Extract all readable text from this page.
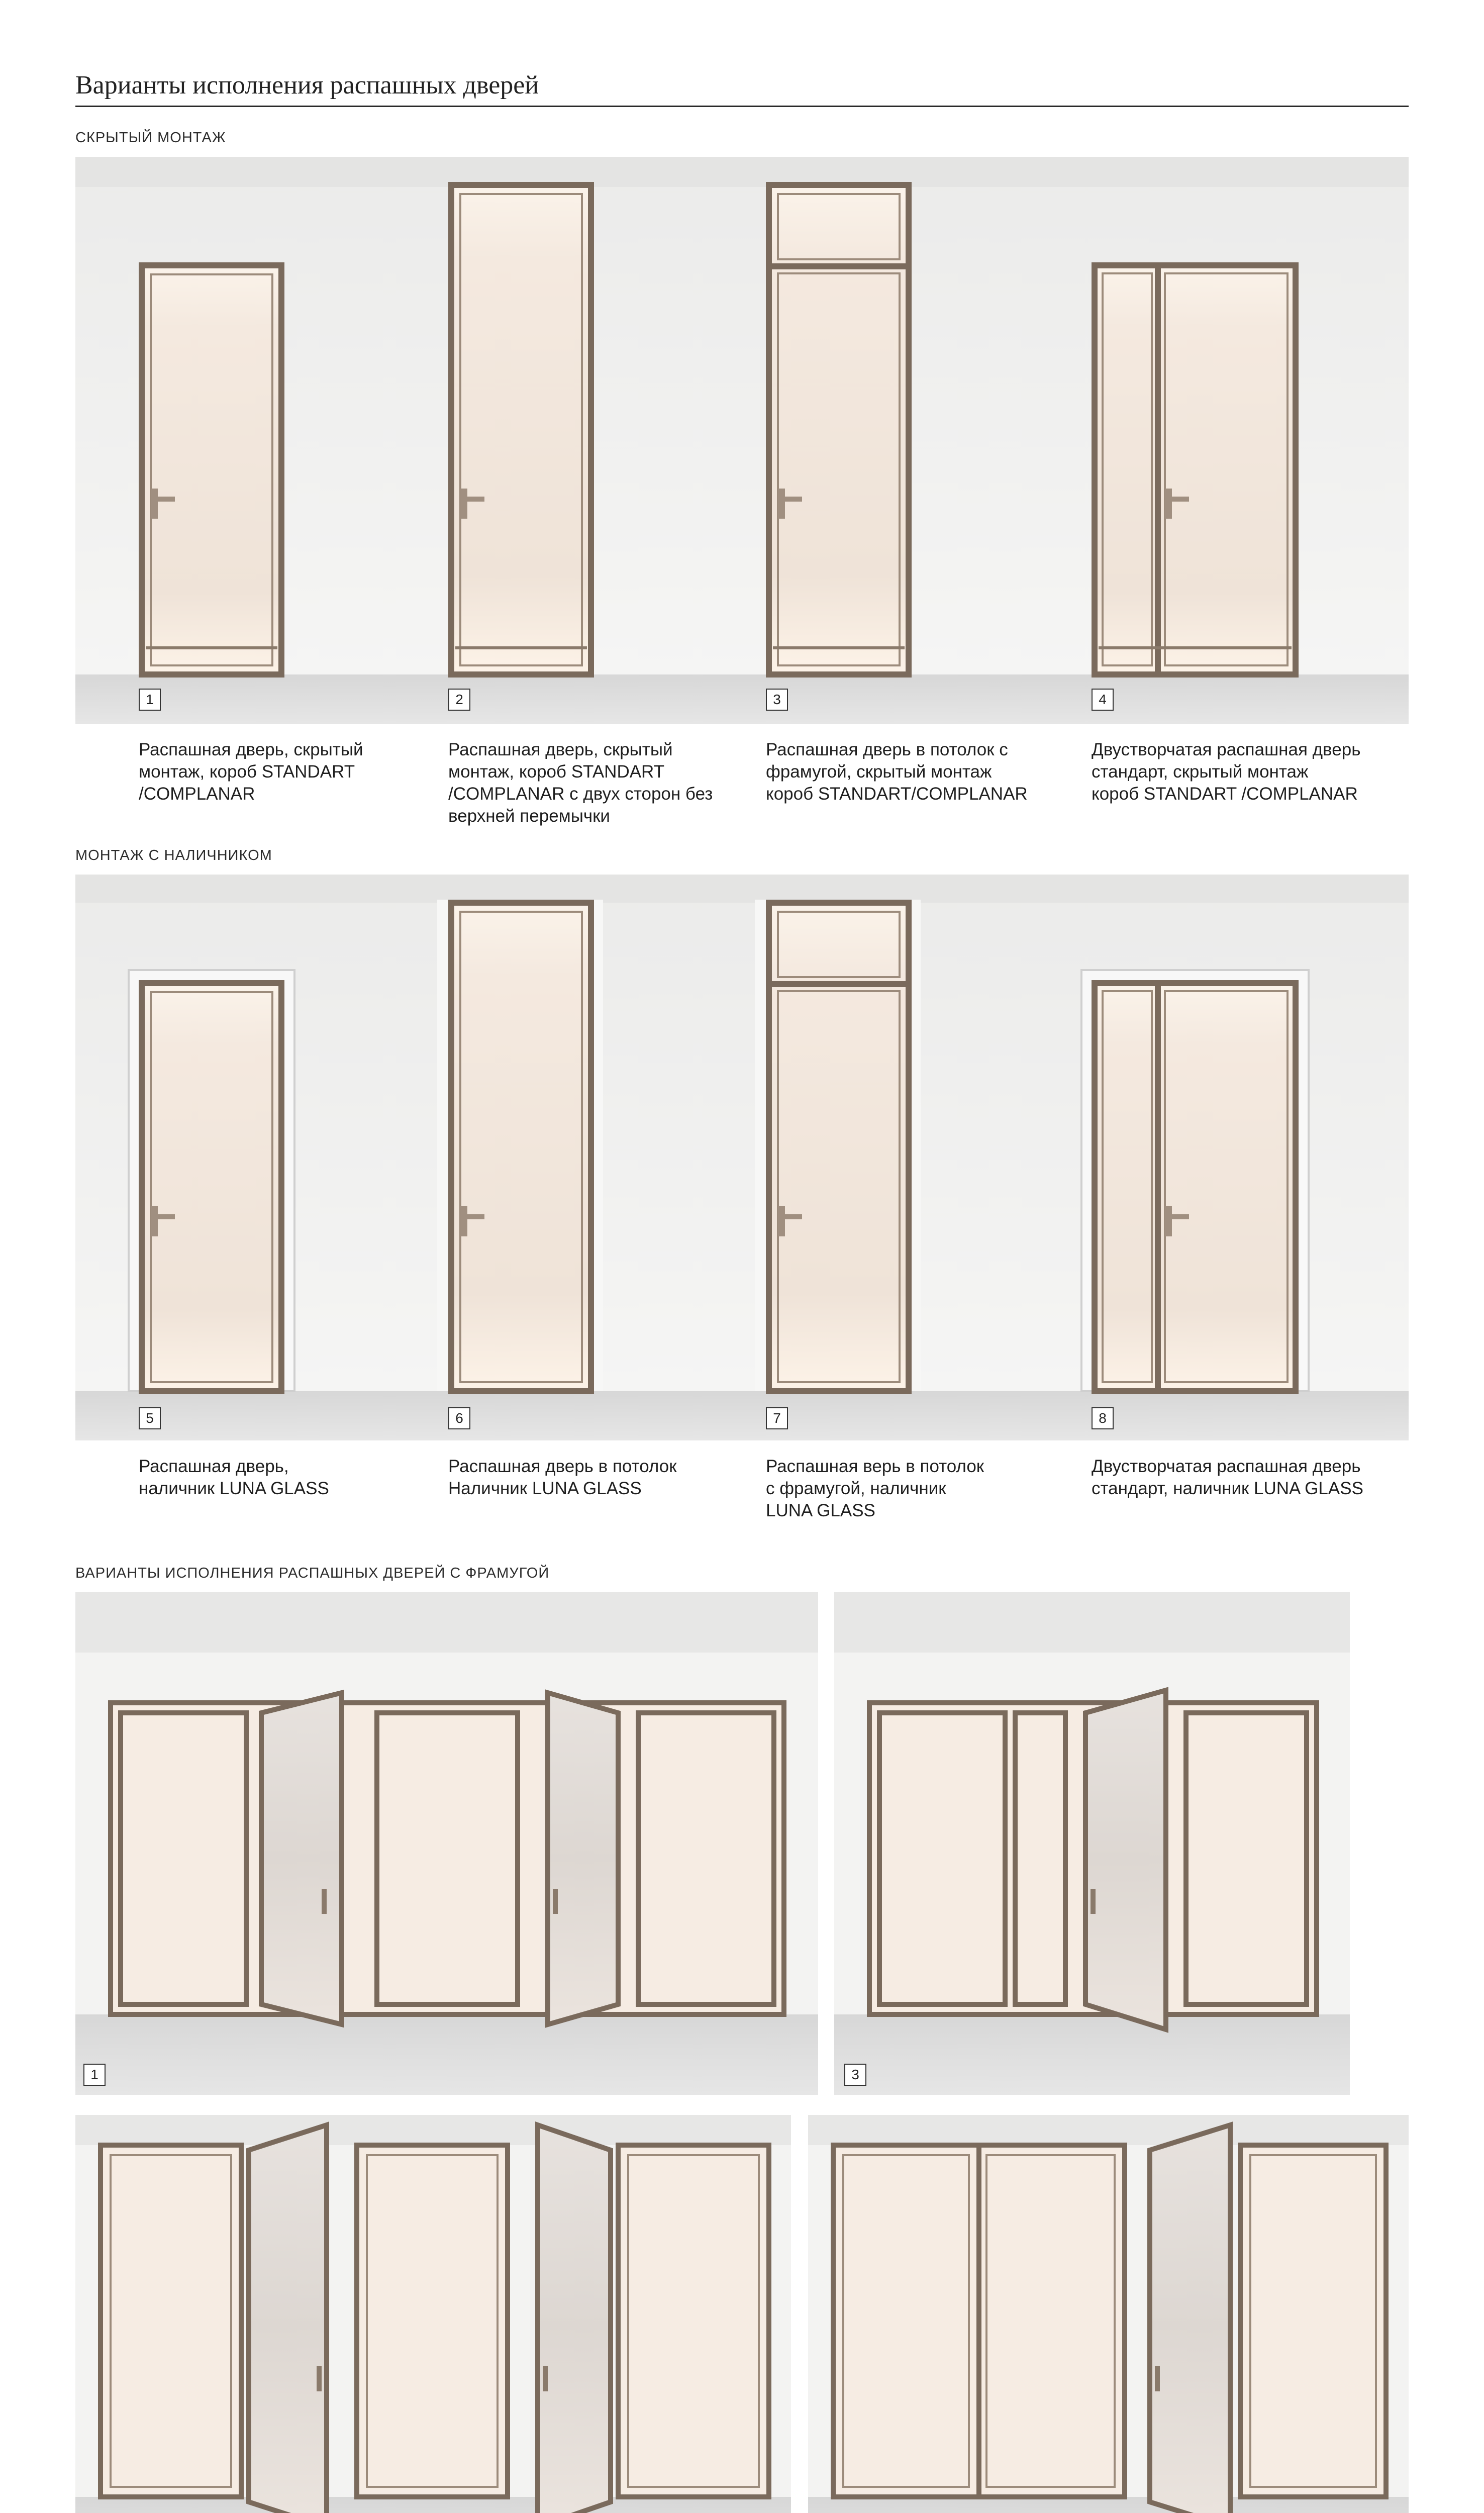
Варианты исполнения распашных дверей
СКРЫТЫЙ МОНТАЖ
1	2	3	4
Распашная дверь, скрытый
монтаж, короб STANDART
/COMPLANAR
Распашная дверь, скрытый
монтаж, короб STANDART
/COMPLANAR с двух сторон без
верхней перемычки
Распашная дверь в потолок с
фрамугой, скрытый монтаж
короб STANDART/COMPLANAR
Двустворчатая распашная дверь
стандарт, скрытый монтаж
короб STANDART /COMPLANAR
МОНТАЖ С НАЛИЧНИКОМ
5	6	7	8
Распашная дверь,
наличник LUNA GLASS
Распашная дверь в потолок
Наличник LUNA GLASS
Распашная верь в потолок
с фрамугой, наличник
LUNA GLASS
Двустворчатая распашная дверь
стандарт, наличник LUNA GLASS
ВАРИАНТЫ ИСПОЛНЕНИЯ РАСПАШНЫХ ДВЕРЕЙ С ФРАМУГОЙ
1	3
